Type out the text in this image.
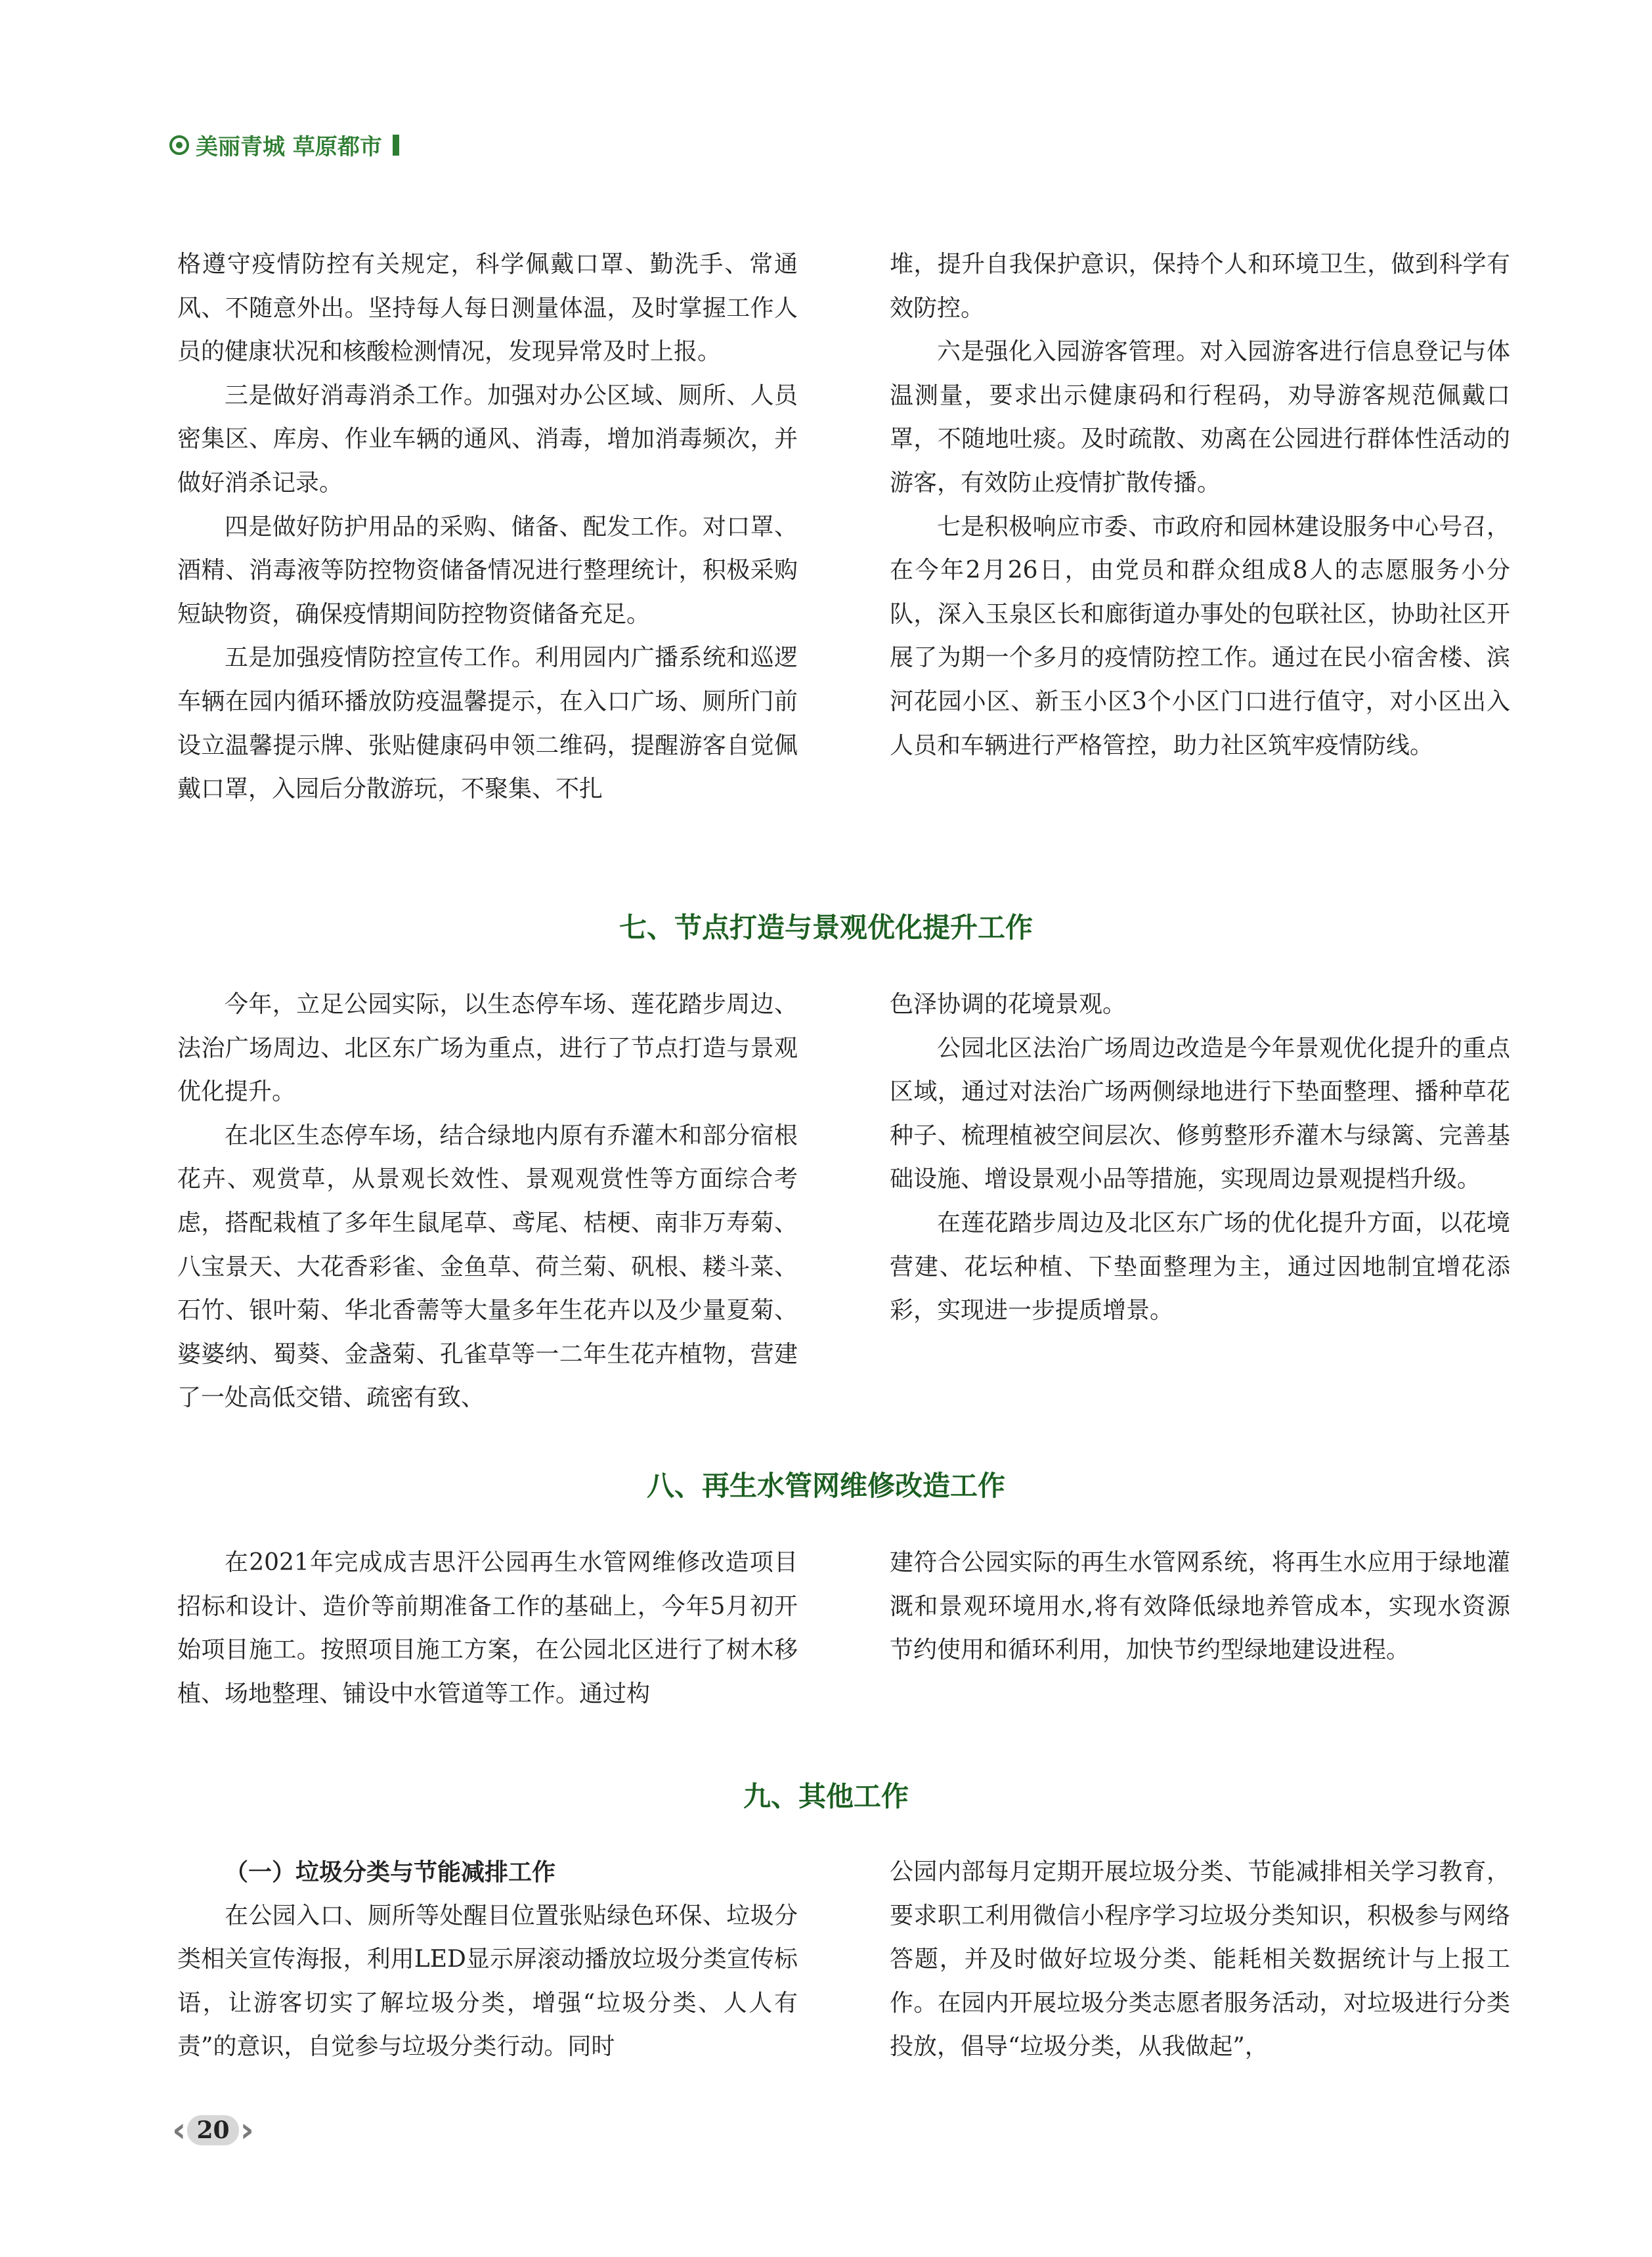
美丽青城 草原都市

格遵守疫情防控有关规定，科学佩戴口罩、勤洗手、常通风、不随意外出。坚持每人每日测量体温，及时掌握工作人员的健康状况和核酸检测情况，发现异常及时上报。

三是做好消毒消杀工作。加强对办公区域、厕所、人员密集区、库房、作业车辆的通风、消毒，增加消毒频次，并做好消杀记录。

四是做好防护用品的采购、储备、配发工作。对口罩、酒精、消毒液等防控物资储备情况进行整理统计，积极采购短缺物资，确保疫情期间防控物资储备充足。

五是加强疫情防控宣传工作。利用园内广播系统和巡逻车辆在园内循环播放防疫温馨提示，在入口广场、厕所门前设立温馨提示牌、张贴健康码申领二维码，提醒游客自觉佩戴口罩，入园后分散游玩，不聚集、不扎

堆，提升自我保护意识，保持个人和环境卫生，做到科学有效防控。

六是强化入园游客管理。对入园游客进行信息登记与体温测量，要求出示健康码和行程码，劝导游客规范佩戴口罩，不随地吐痰。及时疏散、劝离在公园进行群体性活动的游客，有效防止疫情扩散传播。

七是积极响应市委、市政府和园林建设服务中心号召，在今年2月26日，由党员和群众组成8人的志愿服务小分队，深入玉泉区长和廊街道办事处的包联社区，协助社区开展了为期一个多月的疫情防控工作。通过在民小宿舍楼、滨河花园小区、新玉小区3个小区门口进行值守，对小区出入人员和车辆进行严格管控，助力社区筑牢疫情防线。

七、节点打造与景观优化提升工作

今年，立足公园实际，以生态停车场、莲花踏步周边、法治广场周边、北区东广场为重点，进行了节点打造与景观优化提升。

在北区生态停车场，结合绿地内原有乔灌木和部分宿根花卉、观赏草，从景观长效性、景观观赏性等方面综合考虑，搭配栽植了多年生鼠尾草、鸢尾、桔梗、南非万寿菊、八宝景天、大花香彩雀、金鱼草、荷兰菊、矾根、耧斗菜、石竹、银叶菊、华北香薷等大量多年生花卉以及少量夏菊、婆婆纳、蜀葵、金盏菊、孔雀草等一二年生花卉植物，营建了一处高低交错、疏密有致、

色泽协调的花境景观。

公园北区法治广场周边改造是今年景观优化提升的重点区域，通过对法治广场两侧绿地进行下垫面整理、播种草花种子、梳理植被空间层次、修剪整形乔灌木与绿篱、完善基础设施、增设景观小品等措施，实现周边景观提档升级。

在莲花踏步周边及北区东广场的优化提升方面，以花境营建、花坛种植、下垫面整理为主，通过因地制宜增花添彩，实现进一步提质增景。

八、再生水管网维修改造工作

在2021年完成成吉思汗公园再生水管网维修改造项目招标和设计、造价等前期准备工作的基础上，今年5月初开始项目施工。按照项目施工方案，在公园北区进行了树木移植、场地整理、铺设中水管道等工作。通过构

建符合公园实际的再生水管网系统，将再生水应用于绿地灌溉和景观环境用水,将有效降低绿地养管成本，实现水资源节约使用和循环利用，加快节约型绿地建设进程。

九、其他工作

（一）垃圾分类与节能减排工作

在公园入口、厕所等处醒目位置张贴绿色环保、垃圾分类相关宣传海报，利用LED显示屏滚动播放垃圾分类宣传标语，让游客切实了解垃圾分类，增强“垃圾分类、人人有责”的意识，自觉参与垃圾分类行动。同时

公园内部每月定期开展垃圾分类、节能减排相关学习教育，要求职工利用微信小程序学习垃圾分类知识，积极参与网络答题，并及时做好垃圾分类、能耗相关数据统计与上报工作。在园内开展垃圾分类志愿者服务活动，对垃圾进行分类投放，倡导“垃圾分类，从我做起”，

‹ 20 ›
